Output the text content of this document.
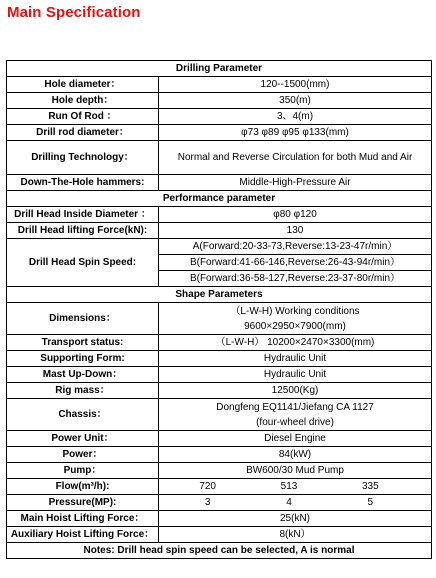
Main Specification
Drilling Parameter	
Hole diameter：	120--1500(mm)
Hole depth：	350(m)
Run Of Rod ：	3、4(m)
Drill rod diameter：	φ73 φ89 φ95 φ133(mm)
Drilling Technology：	Normal and Reverse Circulation for both Mud and Air
Down-The-Hole hammers:	Middle-High-Pressure Air
Performance parameter	
Drill Head Inside Diameter ：	φ80 φ120
Drill Head lifting Force(kN):	130
Drill Head Spin Speed:	A(Forward:20-33-73,Reverse:13-23-47r/min）
	B(Forward:41-66-146,Reverse:26-43-94r/min）
	B(Forward:36-58-127,Reverse:23-37-80r/min）
Shape Parameters	
Dimensions：	（L-W-H) Working conditions
9600×2950×7900(mm)

Transport status:	（L-W-H） 10200×2470×3300(mm)
Supporting Form:	Hydraulic Unit
Mast Up-Down：	Hydraulic Unit
Rig mass：	12500(Kg)
Chassis：	Dongfeng EQ1141/Jiefang CA 1127
(four-wheel drive)

Power Unit：	Diesel Engine
Power：	84(kW)
Pump：	BW600/30 Mud Pump
Flow(m³/h):	720 513 335

Pressure(MP):	3 4 5

Main Hoist Lifting Force：	25(kN)
Auxiliary Hoist Lifting Force：	8(kN）
Notes: Drill head spin speed can be selected, A is normal	
